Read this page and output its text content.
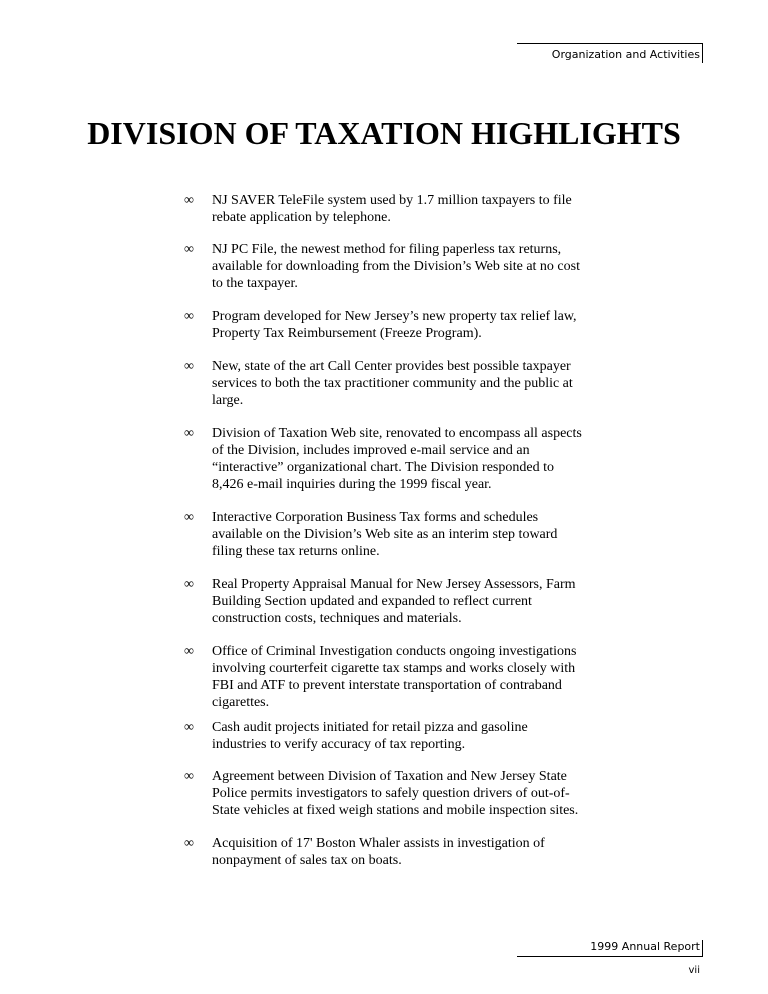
Organization and Activities
DIVISION OF TAXATION HIGHLIGHTS
∞	NJ SAVER TeleFile system used by 1.7 million taxpayers to file rebate application by telephone.
∞	NJ PC File, the newest method for filing paperless tax returns, available for downloading from the Division’s Web site at no cost to the taxpayer.
∞	Program developed for New Jersey’s new property tax relief law, Property Tax Reimbursement (Freeze Program).
∞	New, state of the art Call Center provides best possible taxpayer services to both the tax practitioner community and the public at large.
∞	Division of Taxation Web site, renovated to encompass all aspects of the Division, includes improved e-mail service and an “interactive” organizational chart. The Division responded to 8,426 e-mail inquiries during the 1999 fiscal year.
∞	Interactive Corporation Business Tax forms and schedules available on the Division’s Web site as an interim step toward filing these tax returns online.
∞	Real Property Appraisal Manual for New Jersey Assessors, Farm Building Section updated and expanded to reflect current construction costs, techniques and materials.
∞	Office of Criminal Investigation conducts ongoing investigations involving courterfeit cigarette tax stamps and works closely with FBI and ATF to prevent interstate transportation of contraband cigarettes.
∞	Cash audit projects initiated for retail pizza and gasoline industries to verify accuracy of tax reporting.
∞	Agreement between Division of Taxation and New Jersey State Police permits investigators to safely question drivers of out-of-State vehicles at fixed weigh stations and mobile inspection sites.
∞	Acquisition of 17' Boston Whaler assists in investigation of nonpayment of sales tax on boats.
1999 Annual Report
vii
